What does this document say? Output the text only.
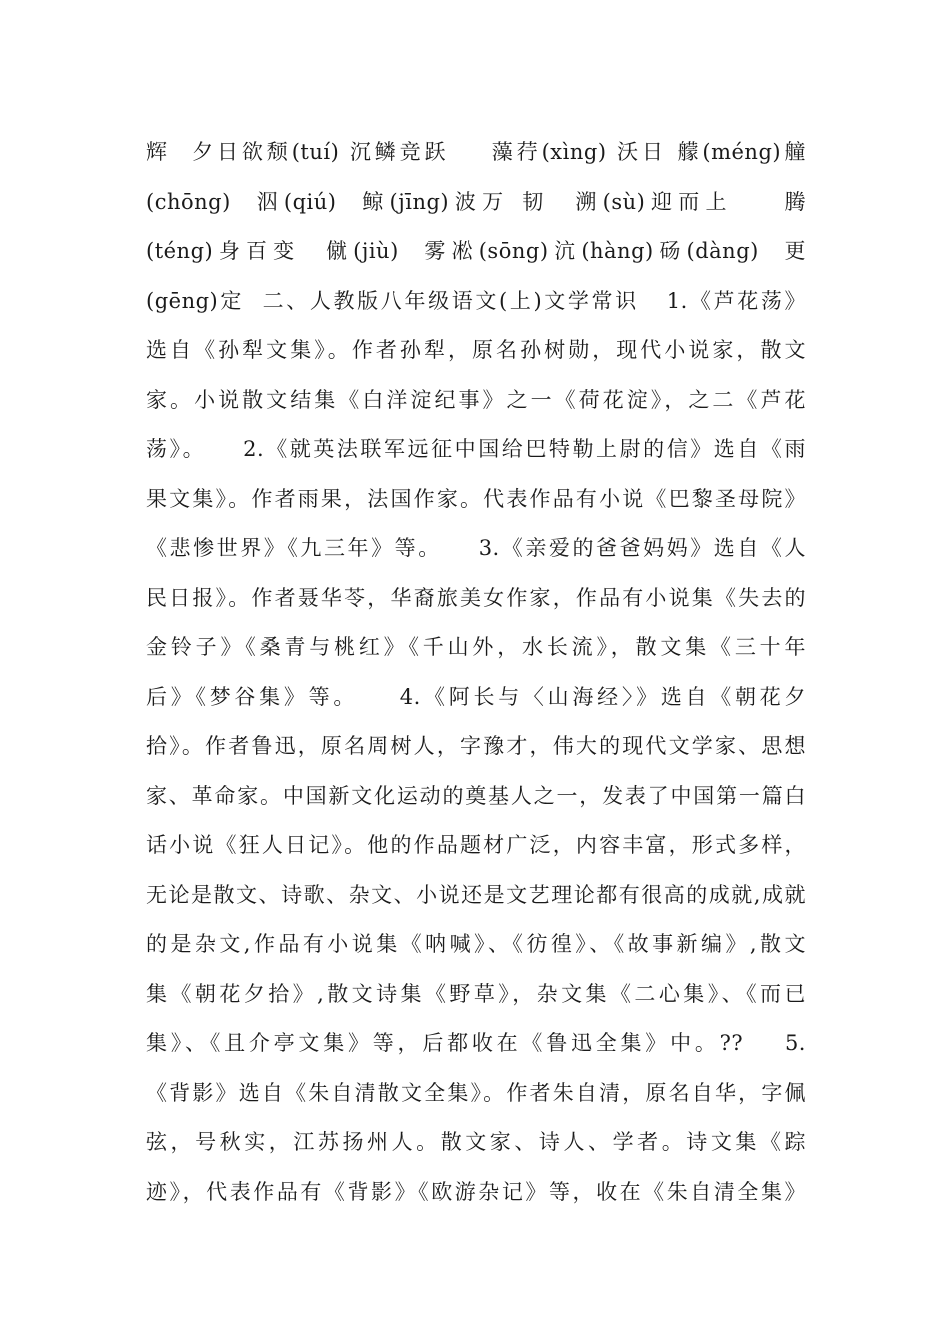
辉  夕日欲颓(tuí) 沉鳞竞跃    藻荇(xìng) 沃日 艨(méng)艟
(chōng)  泅(qiú)  鲸(jīng)波万 韧  溯(sù)迎而上    腾
(téng)身百变  僦(jiù)  雾凇(sōng)沆(hàng)砀(dàng)  更
(gēng)定  二、人教版八年级语文(上)文学常识   1.《芦花荡》
选自《孙犁文集》。作者孙犁，原名孙树勋，现代小说家，散文
家。小说散文结集《白洋淀纪事》之一《荷花淀》，之二《芦花
荡》。    2.《就英法联军远征中国给巴特勒上尉的信》选自《雨
果文集》。作者雨果，法国作家。代表作品有小说《巴黎圣母院》
《悲惨世界》《九三年》等。    3.《亲爱的爸爸妈妈》选自《人
民日报》。作者聂华苓，华裔旅美女作家，作品有小说集《失去的
金铃子》《桑青与桃红》《千山外，水长流》，散文集《三十年
后》《梦谷集》等。    4.《阿长与〈山海经〉》选自《朝花夕
拾》。作者鲁迅，原名周树人，字豫才，伟大的现代文学家、思想
家、革命家。中国新文化运动的奠基人之一，发表了中国第一篇白
话小说《狂人日记》。他的作品题材广泛，内容丰富，形式多样，
无论是散文、诗歌、杂文、小说还是文艺理论都有很高的成就,成就
的是杂文,作品有小说集《呐喊》、《彷徨》、《故事新编》,散文
集《朝花夕拾》,散文诗集《野草》，杂文集《二心集》、《而已
集》、《且介亭文集》等，后都收在《鲁迅全集》中。??    5.
《背影》选自《朱自清散文全集》。作者朱自清，原名自华，字佩
弦，号秋实，江苏扬州人。散文家、诗人、学者。诗文集《踪
迹》，代表作品有《背影》《欧游杂记》等，收在《朱自清全集》
